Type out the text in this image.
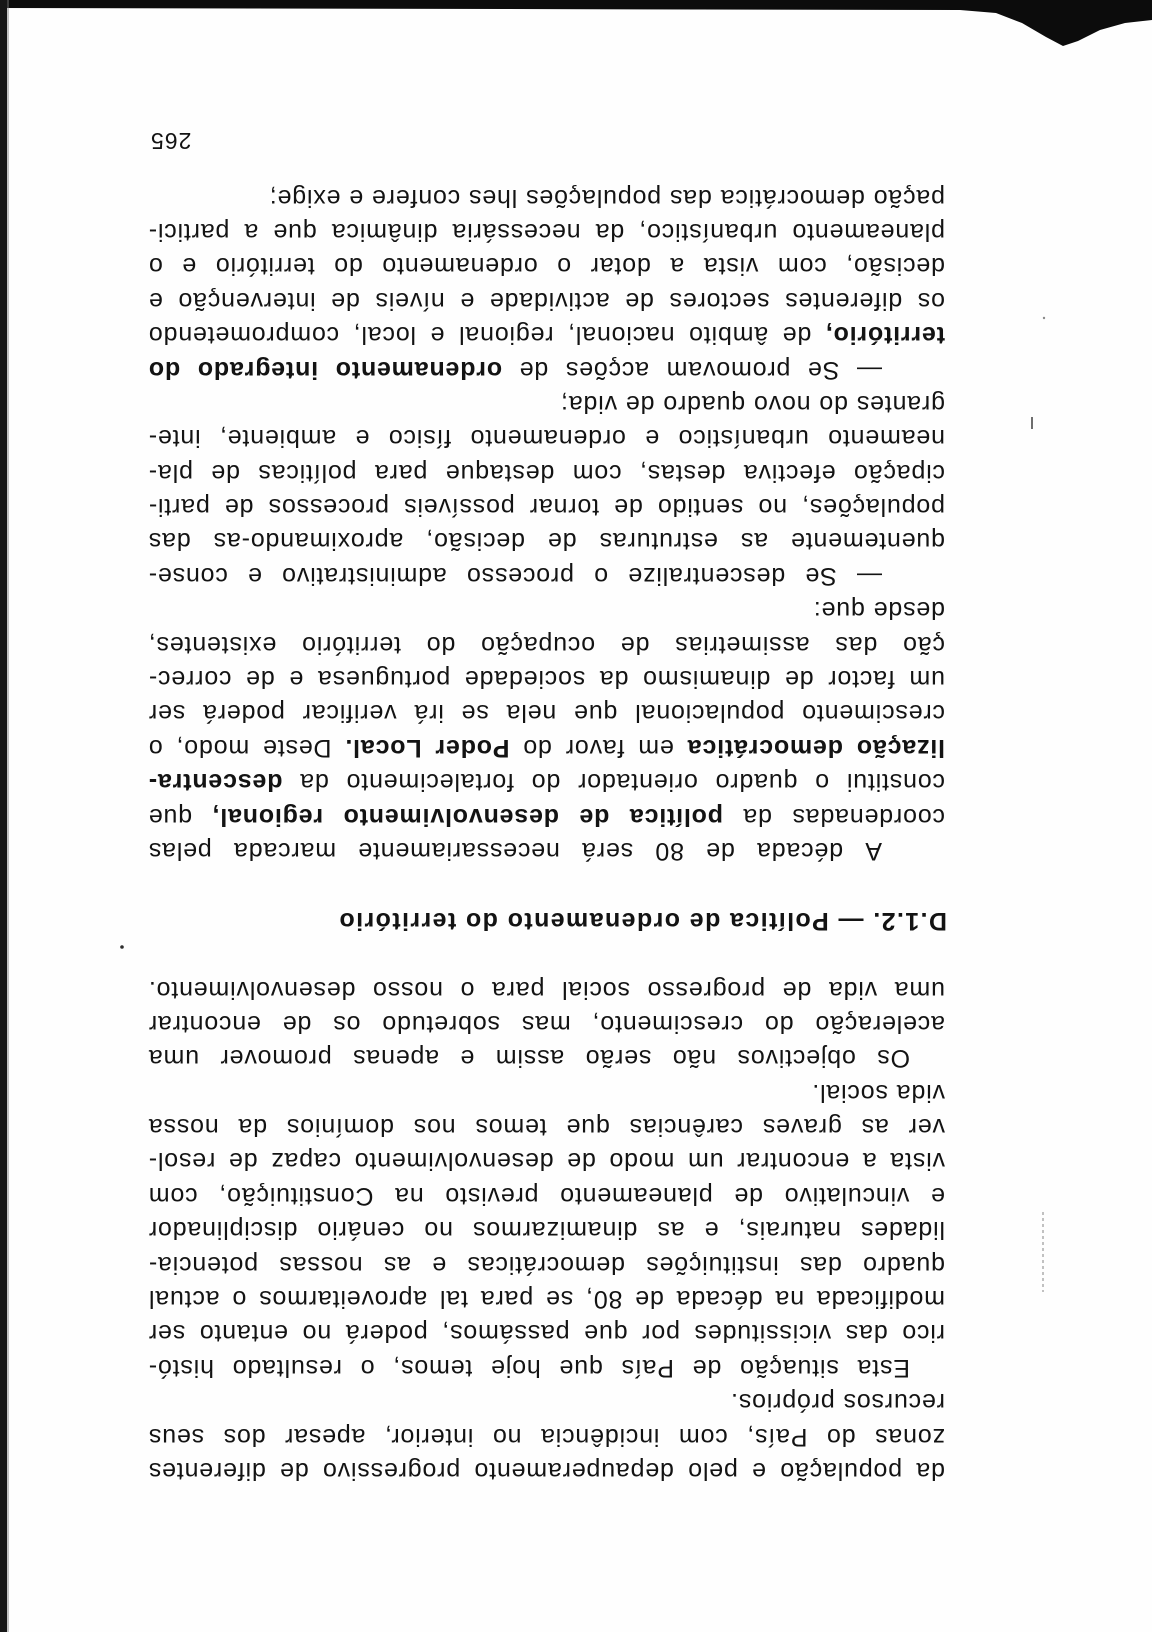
da
população
e
pelo
depauperamento
progressivo
de
diferentes
zonas
do
País,
com
incidência
no
interior,
apesar
dos
seus
recursos
próprios.
Esta
situação
de
País
que
hoje
temos,
o
resultado
histó-
rico
das
vicissitudes
por
que
passámos,
poderá
no
entanto
ser
modificada
na
década
de
80,
se
para
tal
aproveitarmos
o
actual
quadro
das
instituições
democráticas
e
as
nossas
potencia-
lidades
naturais,
e
as
dinamizarmos
no
cenário
disciplinador
e
vinculativo
de
planeamento
previsto
na
Constituição,
com
vista
a
encontrar
um
modo
de
desenvolvimento
capaz
de
resol-
ver
as
graves
carências
que
temos
nos
domínios
da
nossa
vida
social.
Os
objectivos
não
serão
assim
e
apenas
promover
uma
aceleração
do
crescimento,
mas
sobretudo
os
de
encontrar
uma
vida
de
progresso
social
para
o
nosso
desenvolvimento.
D.1.2. — Política de ordenamento do território
A
década
de
80
será
necessariamente
marcada
pelas
coordenadas
da
política
de
desenvolvimento
regional,
que
constitui
o
quadro
orientador
do
fortalecimento
da
descentra-
lização
democrática
em
favor
do
Poder
Local.
Deste
modo,
o
crescimento
populacional
que
nela
se
irá
verificar
poderá
ser
um
factor
de
dinamismo
da
sociedade
portuguesa
e
de
correc-
ção
das
assimetrias
de
ocupação
do
território
existentes,
desde
que:
—
Se
descentralize
o
processo
administrativo
e
conse-
quentemente
as
estruturas
de
decisão,
aproximando-as
das
populações,
no
sentido
de
tornar
possíveis
processos
de
parti-
cipação
efectiva
destas,
com
destaque
para
políticas
de
pla-
neamento
urbanístico
e
ordenamento
físico
e
ambiente,
inte-
grantes
do
novo
quadro
de
vida;
—
Se
promovam
acções
de
ordenamento
integrado
do
território,
de
âmbito
nacional,
regional
e
local,
comprometendo
os
diferentes
sectores
de
actividade
e
níveis
de
intervenção
e
decisão,
com
vista
a
dotar
o
ordenamento
do
território
e
o
planeamento
urbanístico,
da
necessária
dinâmica
que
a
partici-
pação
democrática
das
populações
lhes
confere
e
exige;
265
